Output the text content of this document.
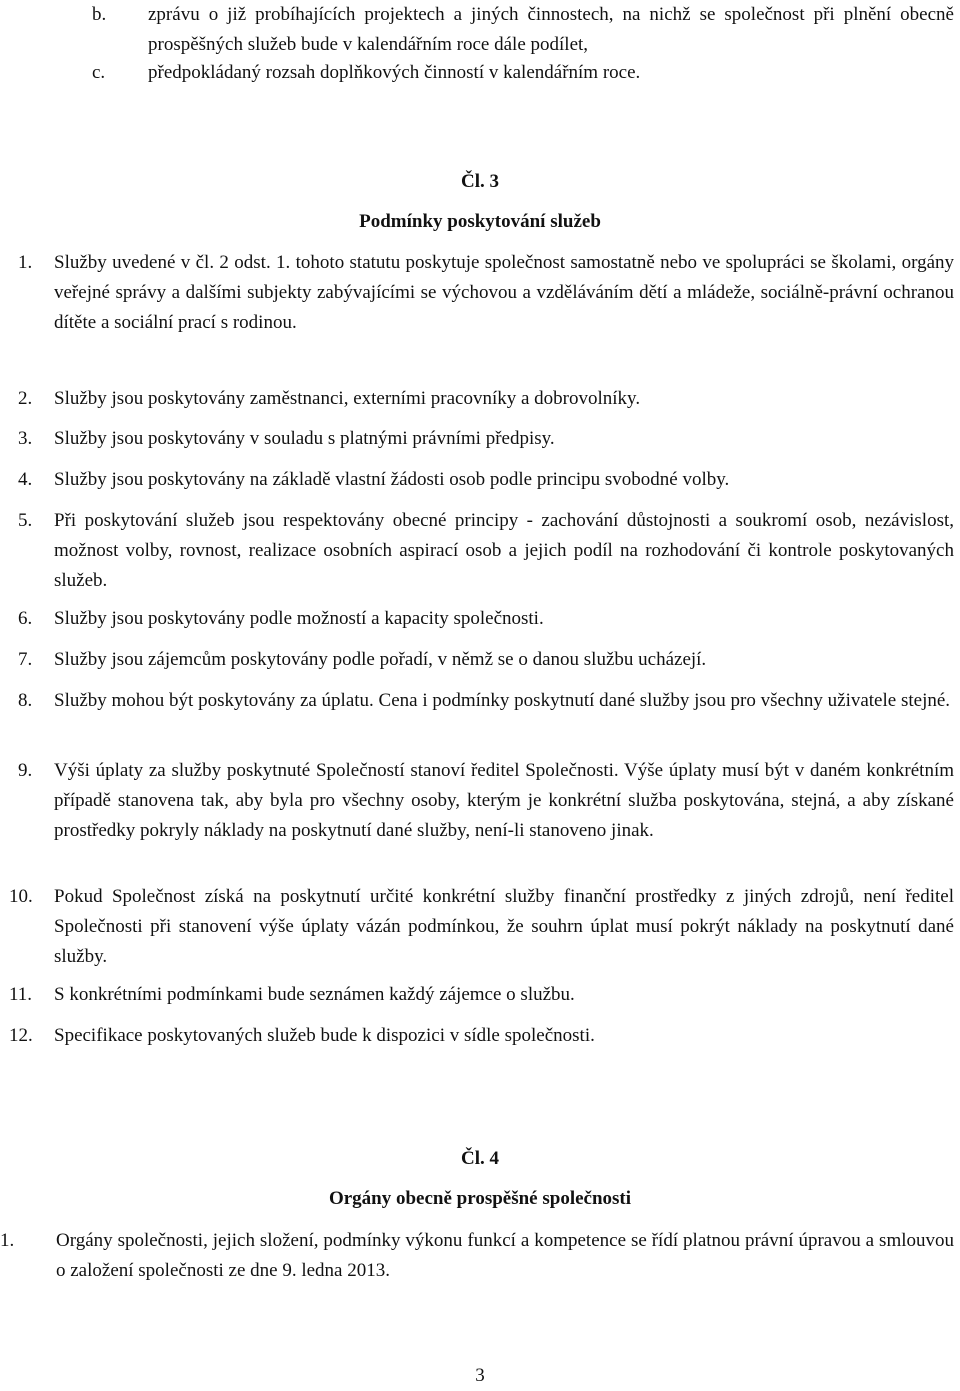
b.	zprávu o již probíhajících projektech a jiných činnostech, na nichž se společnost při plnění obecně prospěšných služeb bude v kalendářním roce dále podílet,
c.	předpokládaný rozsah doplňkových činností v kalendářním roce.
Čl. 3
Podmínky poskytování služeb
1.	Služby uvedené v čl. 2 odst. 1. tohoto statutu poskytuje společnost samostatně nebo ve spolupráci se školami, orgány veřejné správy a dalšími subjekty zabývajícími se výchovou a vzděláváním dětí a mládeže, sociálně-právní ochranou dítěte a sociální prací s rodinou.
2.	Služby jsou poskytovány zaměstnanci, externími pracovníky a dobrovolníky.
3.	Služby jsou poskytovány v souladu s platnými právními předpisy.
4.	Služby jsou poskytovány na základě vlastní žádosti osob podle principu svobodné volby.
5.	Při poskytování služeb jsou respektovány obecné principy - zachování důstojnosti a soukromí osob, nezávislost, možnost volby, rovnost, realizace osobních aspirací osob a jejich podíl na rozhodování či kontrole poskytovaných služeb.
6.	Služby jsou poskytovány podle možností a kapacity společnosti.
7.	Služby jsou zájemcům poskytovány podle pořadí, v němž se o danou službu ucházejí.
8.	Služby mohou být poskytovány za úplatu. Cena i podmínky poskytnutí dané služby jsou pro všechny uživatele stejné.
9.	Výši úplaty za služby poskytnuté Společností stanoví ředitel Společnosti. Výše úplaty musí být v daném konkrétním případě stanovena tak, aby byla pro všechny osoby, kterým je konkrétní služba poskytována, stejná, a aby získané prostředky pokryly náklady na poskytnutí dané služby, není-li stanoveno jinak.
10.	Pokud Společnost získá na poskytnutí určité konkrétní služby finanční prostředky z jiných zdrojů, není ředitel Společnosti při stanovení výše úplaty vázán podmínkou, že souhrn úplat musí pokrýt náklady na poskytnutí dané služby.
11.	S konkrétními podmínkami bude seznámen každý zájemce o službu.
12.	Specifikace poskytovaných služeb bude k dispozici v sídle společnosti.
Čl. 4
Orgány obecně prospěšné společnosti
1.	Orgány společnosti, jejich složení, podmínky výkonu funkcí a kompetence se řídí platnou právní úpravou a smlouvou o založení společnosti ze dne 9. ledna 2013.
3
